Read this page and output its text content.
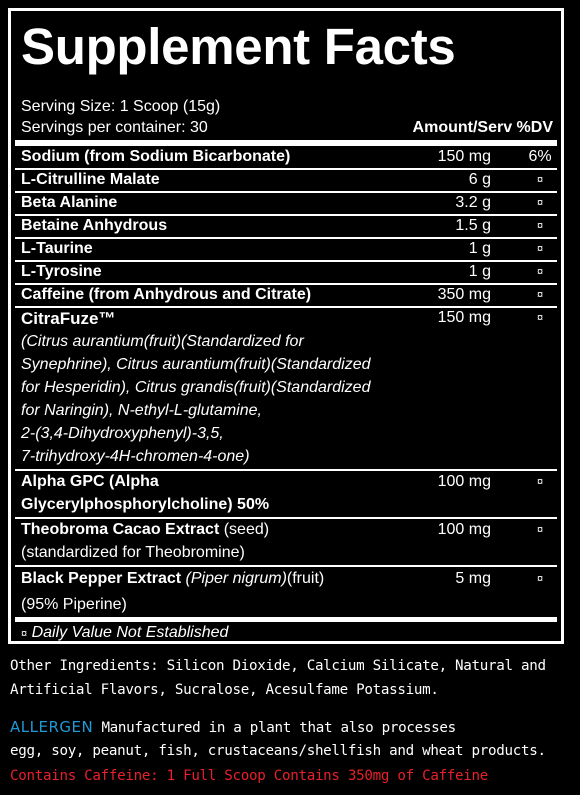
Supplement Facts
Serving Size: 1 Scoop (15g)
Servings per container: 30	Amount/Serv %DV
Sodium (from Sodium Bicarbonate)	150 mg 6%
L-Citrulline Malate	6 g	¤
Beta Alanine	3.2 g	¤
Betaine Anhydrous	1.5 g	¤
L-Taurine	1 g	¤
L-Tyrosine	1 g	¤
Caffeine (from Anhydrous and Citrate)	350 mg	¤
CitraFuze™	150 mg	¤
(Citrus aurantium(fruit)(Standardized for
Synephrine), Citrus aurantium(fruit)(Standardized
for Hesperidin), Citrus grandis(fruit)(Standardized
for Naringin), N-ethyl-L-glutamine,
2-(3,4-Dihydroxyphenyl)-3,5,
7-trihydroxy-4H-chromen-4-one)
Alpha GPC (Alpha
Glycerylphosphorylcholine) 50%
100 mg	¤
Theobroma Cacao Extract (seed)
(standardized for Theobromine)
100 mg	¤
Black Pepper Extract (Piper nigrum)(fruit)
(95% Piperine)
5 mg	¤
¤ Daily Value Not Established
Other Ingredients: Silicon Dioxide, Calcium Silicate, Natural and
Artificial Flavors, Sucralose, Acesulfame Potassium.
ALLERGEN Manufactured in a plant that also processes
egg, soy, peanut, fish, crustaceans/shellfish and wheat products.
Contains Caffeine: 1 Full Scoop Contains 350mg of Caffeine
